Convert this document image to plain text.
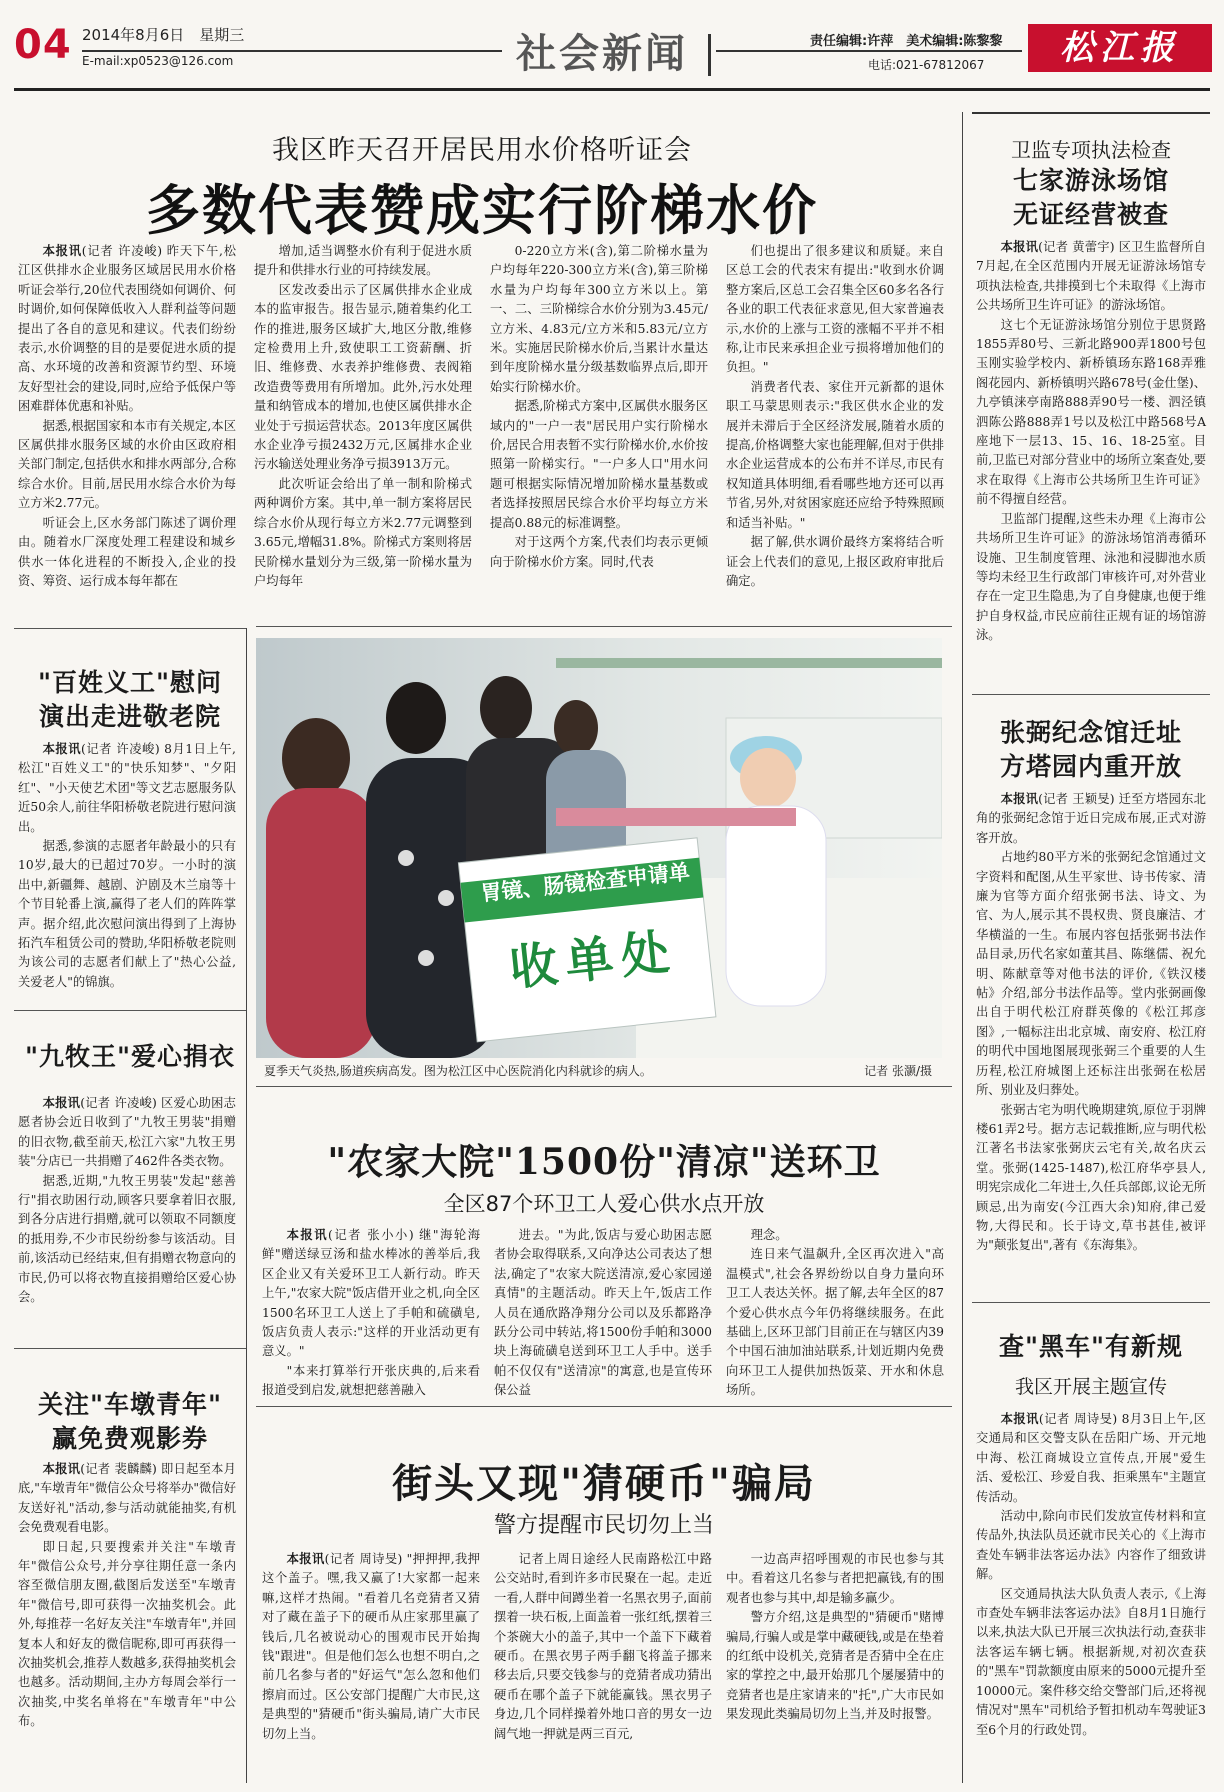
04 2014年8月6日　星期三
E-mail:xp0523@126.com	社会新闻	责任编辑:许萍　美术编辑:陈黎黎
电话:021-67812067	松江报
我区昨天召开居民用水价格听证会
多数代表赞成实行阶梯水价

本报讯(记者 许凌峻) 昨天下午,松江区供排水企业服务区域居民用水价格听证会举行,20位代表围绕如何调价、何时调价,如何保障低收入人群利益等问题提出了各自的意见和建议。代表们纷纷表示,水价调整的目的是要促进水质的提高、水环境的改善和资源节约型、环境友好型社会的建设,同时,应给予低保户等困难群体优惠和补贴。

据悉,根据国家和本市有关规定,本区区属供排水服务区域的水价由区政府相关部门制定,包括供水和排水两部分,合称综合水价。目前,居民用水综合水价为每立方米2.77元。

听证会上,区水务部门陈述了调价理由。随着水厂深度处理工程建设和城乡供水一体化进程的不断投入,企业的投资、筹资、运行成本每年都在

增加,适当调整水价有利于促进水质提升和供排水行业的可持续发展。

区发改委出示了区属供排水企业成本的监审报告。报告显示,随着集约化工作的推进,服务区域扩大,地区分散,维修定检费用上升,致使职工工资薪酬、折旧、维修费、水表养护维修费、表阀箱改造费等费用有所增加。此外,污水处理量和纳管成本的增加,也使区属供排水企业处于亏损运营状态。2013年度区属供水企业净亏损2432万元,区属排水企业污水输送处理业务净亏损3913万元。

此次听证会给出了单一制和阶梯式两种调价方案。其中,单一制方案将居民综合水价从现行每立方米2.77元调整到3.65元,增幅31.8%。阶梯式方案则将居民阶梯水量划分为三级,第一阶梯水量为户均每年

0-220立方米(含),第二阶梯水量为户均每年220-300立方米(含),第三阶梯水量为户均每年300立方米以上。第一、二、三阶梯综合水价分别为3.45元/立方米、4.83元/立方米和5.83元/立方米。实施居民阶梯水价后,当累计水量达到年度阶梯水量分级基数临界点后,即开始实行阶梯水价。

据悉,阶梯式方案中,区属供水服务区域内的"一户一表"居民用户实行阶梯水价,居民合用表暂不实行阶梯水价,水价按照第一阶梯实行。"一户多人口"用水问题可根据实际情况增加阶梯水量基数或者选择按照居民综合水价平均每立方米提高0.88元的标准调整。

对于这两个方案,代表们均表示更倾向于阶梯水价方案。同时,代表

们也提出了很多建议和质疑。来自区总工会的代表宋有提出:"收到水价调整方案后,区总工会召集全区60多名各行各业的职工代表征求意见,但大家普遍表示,水价的上涨与工资的涨幅不平并不相称,让市民来承担企业亏损将增加他们的负担。"

消费者代表、家住开元新都的退休职工马蒙思则表示:"我区供水企业的发展并未滞后于全区经济发展,随着水质的提高,价格调整大家也能理解,但对于供排水企业运营成本的公布并不详尽,市民有权知道具体明细,看看哪些地方还可以再节省,另外,对贫困家庭还应给予特殊照顾和适当补贴。"

据了解,供水调价最终方案将结合听证会上代表们的意见,上报区政府审批后确定。

胃镜、肠镜检查申请单
收单处
夏季天气炎热,肠道疾病高发。图为松江区中心医院消化内科就诊的病人。	记者 张灏/摄
"百姓义工"慰问
演出走进敬老院

本报讯(记者 许凌峻) 8月1日上午,松江"百姓义工"的"快乐知梦"、"夕阳红"、"小天使艺术团"等文艺志愿服务队近50余人,前往华阳桥敬老院进行慰问演出。

据悉,参演的志愿者年龄最小的只有10岁,最大的已超过70岁。一小时的演出中,新疆舞、越剧、沪剧及木兰扇等十个节目轮番上演,赢得了老人们的阵阵掌声。据介绍,此次慰问演出得到了上海协拓汽车租赁公司的赞助,华阳桥敬老院则为该公司的志愿者们献上了"热心公益,关爱老人"的锦旗。

"九牧王"爱心捐衣

本报讯(记者 许凌峻) 区爱心助困志愿者协会近日收到了"九牧王男装"捐赠的旧衣物,截至前天,松江六家"九牧王男装"分店已一共捐赠了462件各类衣物。

据悉,近期,"九牧王男装"发起"慈善行"捐衣助困行动,顾客只要拿着旧衣服,到各分店进行捐赠,就可以领取不同额度的抵用券,不少市民纷纷参与该活动。目前,该活动已经结束,但有捐赠衣物意向的市民,仍可以将衣物直接捐赠给区爱心协会。

关注"车墩青年"
赢免费观影券

本报讯(记者 裴麟麟) 即日起至本月底,"车墩青年"微信公众号将举办"微信好友送好礼"活动,参与活动就能抽奖,有机会免费观看电影。

即日起,只要搜索并关注"车墩青年"微信公众号,并分享往期任意一条内容至微信朋友圈,截图后发送至"车墩青年"微信号,即可获得一次抽奖机会。此外,每推荐一名好友关注"车墩青年",并回复本人和好友的微信昵称,即可再获得一次抽奖机会,推荐人数越多,获得抽奖机会也越多。活动期间,主办方每周会举行一次抽奖,中奖名单将在"车墩青年"中公布。

"农家大院"1500份"清凉"送环卫
全区87个环卫工人爱心供水点开放

本报讯(记者 张小小) 继"海轮海鲜"赠送绿豆汤和盐水棒冰的善举后,我区企业又有关爱环卫工人新行动。昨天上午,"农家大院"饭店借开业之机,向全区1500名环卫工人送上了手帕和硫磺皂,饭店负责人表示:"这样的开业活动更有意义。"

"本来打算举行开张庆典的,后来看报道受到启发,就想把慈善融入

进去。"为此,饭店与爱心助困志愿者协会取得联系,又向净达公司表达了想法,确定了"农家大院送清凉,爱心家园递真情"的主题活动。昨天上午,饭店工作人员在通欣路净翔分公司以及乐都路净跃分公司中转站,将1500份手帕和3000块上海硫磺皂送到环卫工人手中。送手帕不仅仅有"送清凉"的寓意,也是宣传环保公益

理念。

连日来气温飙升,全区再次进入"高温模式",社会各界纷纷以自身力量向环卫工人表达关怀。据了解,去年全区的87个爱心供水点今年仍将继续服务。在此基础上,区环卫部门目前正在与辖区内39个中国石油加油站联系,计划近期内免费向环卫工人提供加热饭菜、开水和休息场所。

街头又现"猜硬币"骗局
警方提醒市民切勿上当

本报讯(记者 周诗旻) "押押押,我押这个盖子。嘿,我又赢了!大家都一起来嘛,这样才热闹。"看着几名竞猜者又猜对了藏在盖子下的硬币从庄家那里赢了钱后,几名被说动心的围观市民开始掏钱"跟进"。但是他们怎么也想不明白,之前几名参与者的"好运气"怎么忽和他们擦肩而过。区公安部门提醒广大市民,这是典型的"猜硬币"街头骗局,请广大市民切勿上当。

记者上周日途经人民南路松江中路公交站时,看到许多市民聚在一起。走近一看,人群中间蹲坐着一名黑衣男子,面前摆着一块石板,上面盖着一张红纸,摆着三个茶碗大小的盖子,其中一个盖下下藏着硬币。在黑衣男子两手翻飞将盖子挪来移去后,只要交钱参与的竞猜者成功猜出硬币在哪个盖子下就能赢钱。黑衣男子身边,几个同样操着外地口音的男女一边阔气地一押就是两三百元,

一边高声招呼围观的市民也参与其中。看着这几名参与者把把赢钱,有的围观者也参与其中,却是输多赢少。

警方介绍,这是典型的"猜硬币"赌博骗局,行骗人或是掌中藏硬钱,或是在垫着的红纸中设机关,竞猜者是否猜中全在庄家的掌控之中,最开始那几个屡屡猜中的竞猜者也是庄家请来的"托",广大市民如果发现此类骗局切勿上当,并及时报警。

卫监专项执法检查
七家游泳场馆
无证经营被查

本报讯(记者 黄蕾宇) 区卫生监督所自7月起,在全区范围内开展无证游泳场馆专项执法检查,共排摸到七个未取得《上海市公共场所卫生许可证》的游泳场馆。

这七个无证游泳场馆分别位于思贤路1855弄80号、三新北路900弄1800号包玉刚实验学校内、新桥镇玚东路168弄雅阁花园内、新桥镇明兴路678号(金仕堡)、九亭镇涞亭南路888弄90号一楼、泗泾镇泗陈公路888弄1号以及松江中路568号A座地下一层13、15、16、18-25室。目前,卫监已对部分营业中的场所立案查处,要求在取得《上海市公共场所卫生许可证》前不得擅自经营。

卫监部门提醒,这些未办理《上海市公共场所卫生许可证》的游泳场馆消毒循环设施、卫生制度管理、泳池和浸脚池水质等均未经卫生行政部门审核许可,对外营业存在一定卫生隐患,为了自身健康,也便于维护自身权益,市民应前往正规有证的场馆游泳。

张弼纪念馆迁址
方塔园内重开放

本报讯(记者 王颖旻) 迁至方塔园东北角的张弼纪念馆于近日完成布展,正式对游客开放。

占地约80平方米的张弼纪念馆通过文字资料和配图,从生平家世、诗书传家、清廉为官等方面介绍张弼书法、诗文、为官、为人,展示其不畏权贵、贤良廉洁、才华横溢的一生。布展内容包括张弼书法作品目录,历代名家如董其昌、陈继儒、祝允明、陈献章等对他书法的评价,《铁汉楼帖》介绍,部分书法作品等。堂内张弼画像出自于明代松江府群英像的《松江邦彦图》,一幅标注出北京城、南安府、松江府的明代中国地图展现张弼三个重要的人生历程,松江府城图上还标注出张弼在松居所、别业及归葬处。

张弼古宅为明代晚期建筑,原位于羽牌楼61弄2号。据方志记载推断,应与明代松江著名书法家张弼庆云宅有关,故名庆云堂。张弼(1425-1487),松江府华亭县人,明宪宗成化二年进士,久任兵部郎,议论无所顾忌,出为南安(今江西大余)知府,律己爱物,大得民和。长于诗文,草书甚佳,被评为"颠张复出",著有《东海集》。

查"黑车"有新规
我区开展主题宣传

本报讯(记者 周诗旻) 8月3日上午,区交通局和区交警支队在岳阳广场、开元地中海、松江商城设立宣传点,开展"爱生活、爱松江、珍爱自我、拒乘黑车"主题宣传活动。

活动中,除向市民们发放宣传材料和宣传品外,执法队员还就市民关心的《上海市查处车辆非法客运办法》内容作了细致讲解。

区交通局执法大队负责人表示,《上海市查处车辆非法客运办法》自8月1日施行以来,执法大队已开展三次执法行动,查获非法客运车辆七辆。根据新规,对初次查获的"黑车"罚款额度由原来的5000元提升至10000元。案件移交给交警部门后,还将视情况对"黑车"司机给予暂扣机动车驾驶证3至6个月的行政处罚。
